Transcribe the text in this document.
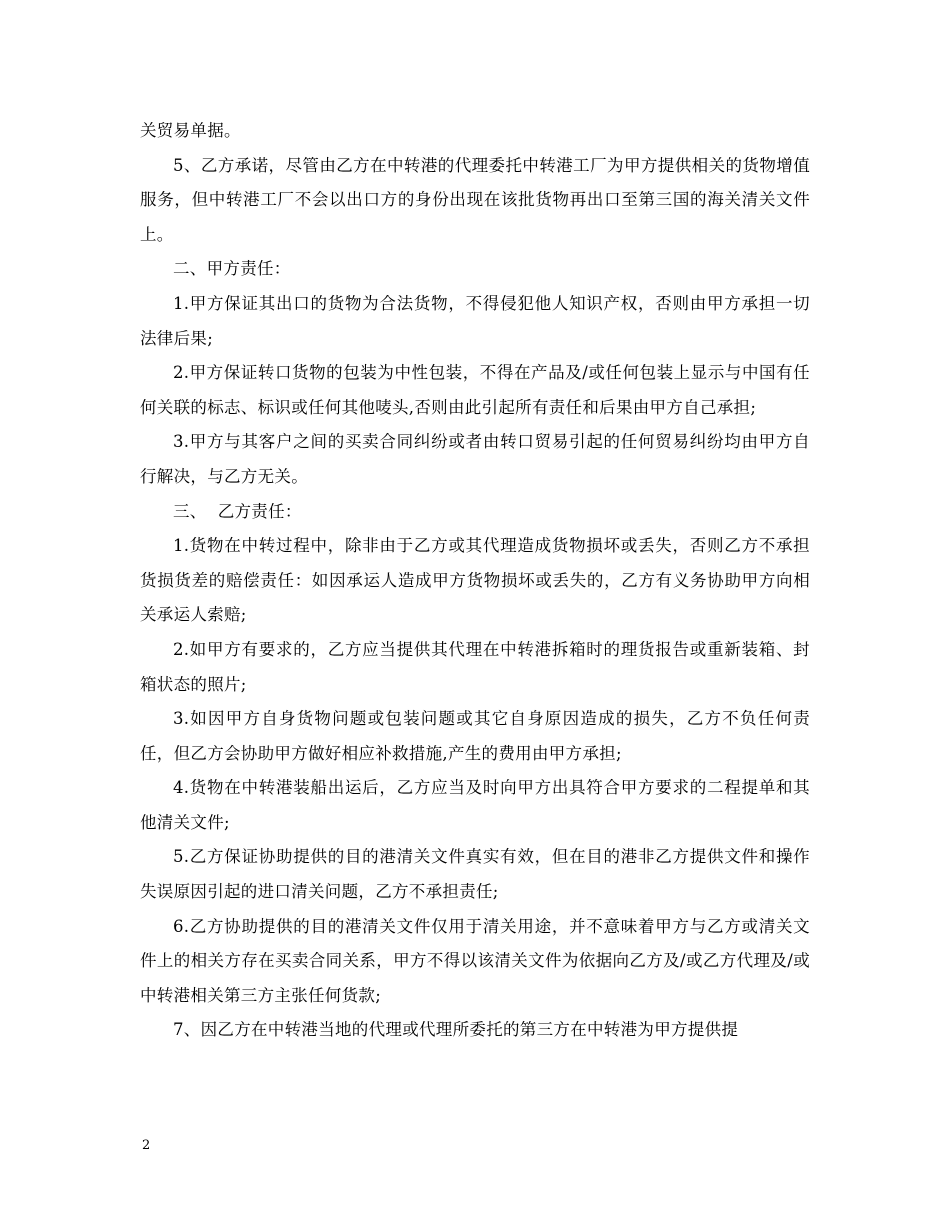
关贸易单据。

5、乙方承诺，尽管由乙方在中转港的代理委托中转港工厂为甲方提供相关的货物增值服务，但中转港工厂不会以出口方的身份出现在该批货物再出口至第三国的海关清关文件上。

二、甲方责任：

1.甲方保证其出口的货物为合法货物，不得侵犯他人知识产权，否则由甲方承担一切法律后果;

2.甲方保证转口货物的包装为中性包装，不得在产品及/或任何包装上显示与中国有任何关联的标志、标识或任何其他唛头,否则由此引起所有责任和后果由甲方自己承担;

3.甲方与其客户之间的买卖合同纠纷或者由转口贸易引起的任何贸易纠纷均由甲方自行解决，与乙方无关。

三、  乙方责任：

1.货物在中转过程中，除非由于乙方或其代理造成货物损坏或丢失，否则乙方不承担货损货差的赔偿责任：如因承运人造成甲方货物损坏或丢失的，乙方有义务协助甲方向相关承运人索赔;

2.如甲方有要求的，乙方应当提供其代理在中转港拆箱时的理货报告或重新装箱、封箱状态的照片;

3.如因甲方自身货物问题或包装问题或其它自身原因造成的损失，乙方不负任何责任，但乙方会协助甲方做好相应补救措施,产生的费用由甲方承担;

4.货物在中转港装船出运后，乙方应当及时向甲方出具符合甲方要求的二程提单和其他清关文件;

5.乙方保证协助提供的目的港清关文件真实有效，但在目的港非乙方提供文件和操作失误原因引起的进口清关问题，乙方不承担责任;

6.乙方协助提供的目的港清关文件仅用于清关用途，并不意味着甲方与乙方或清关文件上的相关方存在买卖合同关系，甲方不得以该清关文件为依据向乙方及/或乙方代理及/或中转港相关第三方主张任何货款;

7、因乙方在中转港当地的代理或代理所委托的第三方在中转港为甲方提供提

2
